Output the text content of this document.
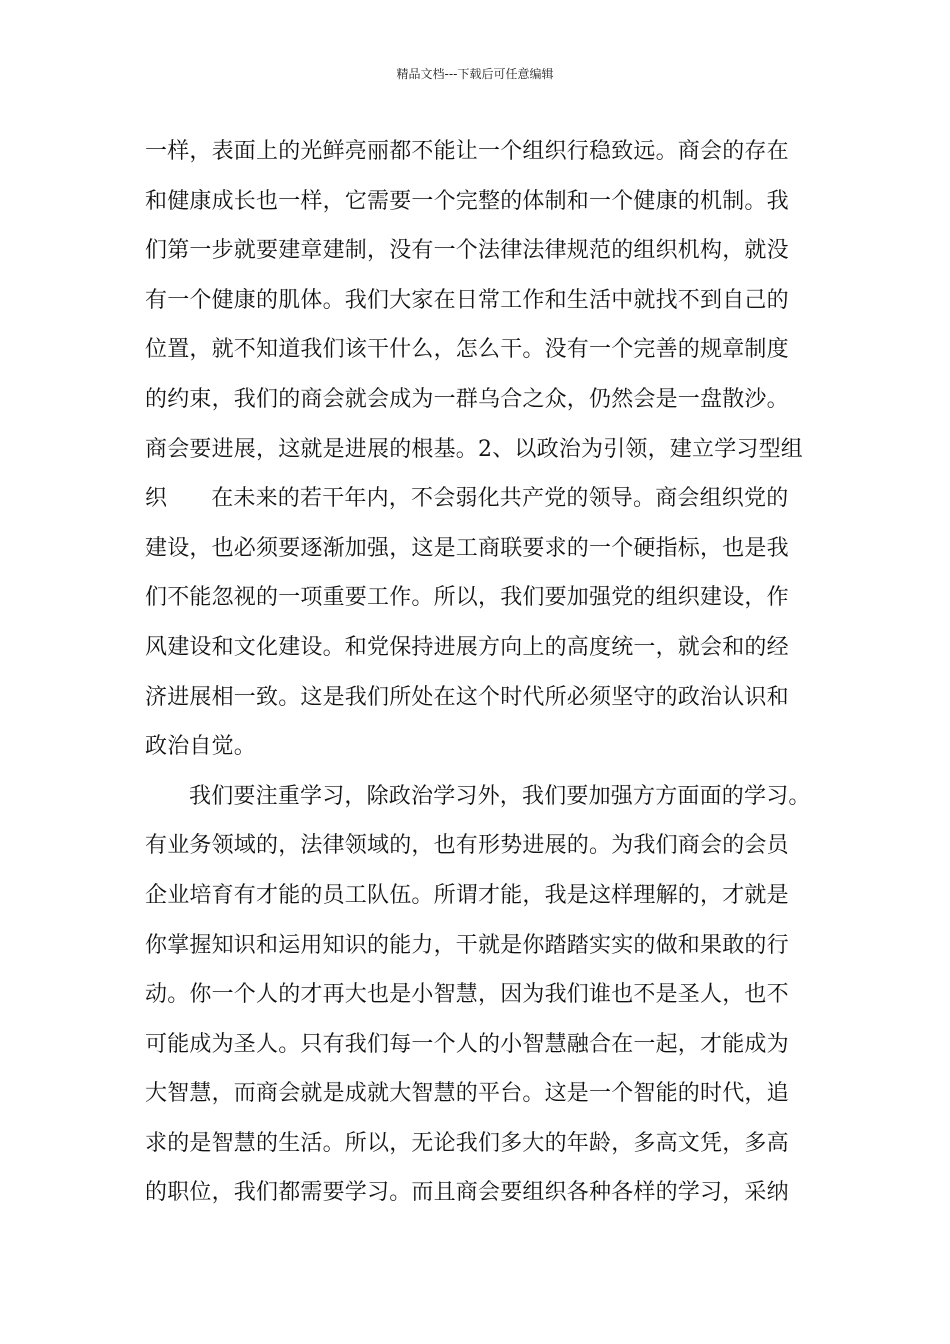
精品文档---下载后可任意编辑
一样，表面上的光鲜亮丽都不能让一个组织行稳致远。商会的存在
和健康成长也一样，它需要一个完整的体制和一个健康的机制。我
们第一步就要建章建制，没有一个法律法律规范的组织机构，就没
有一个健康的肌体。我们大家在日常工作和生活中就找不到自己的
位置，就不知道我们该干什么，怎么干。没有一个完善的规章制度
的约束，我们的商会就会成为一群乌合之众，仍然会是一盘散沙。
商会要进展，这就是进展的根基。2、以政治为引领，建立学习型组
织 在未来的若干年内，不会弱化共产党的领导。商会组织党的
建设，也必须要逐渐加强，这是工商联要求的一个硬指标，也是我
们不能忽视的一项重要工作。所以，我们要加强党的组织建设，作
风建设和文化建设。和党保持进展方向上的高度统一，就会和的经
济进展相一致。这是我们所处在这个时代所必须坚守的政治认识和
政治自觉。
我们要注重学习，除政治学习外，我们要加强方方面面的学习。
有业务领域的，法律领域的，也有形势进展的。为我们商会的会员
企业培育有才能的员工队伍。所谓才能，我是这样理解的，才就是
你掌握知识和运用知识的能力，干就是你踏踏实实的做和果敢的行
动。你一个人的才再大也是小智慧，因为我们谁也不是圣人，也不
可能成为圣人。只有我们每一个人的小智慧融合在一起，才能成为
大智慧，而商会就是成就大智慧的平台。这是一个智能的时代，追
求的是智慧的生活。所以，无论我们多大的年龄，多高文凭，多高
的职位，我们都需要学习。而且商会要组织各种各样的学习，采纳
